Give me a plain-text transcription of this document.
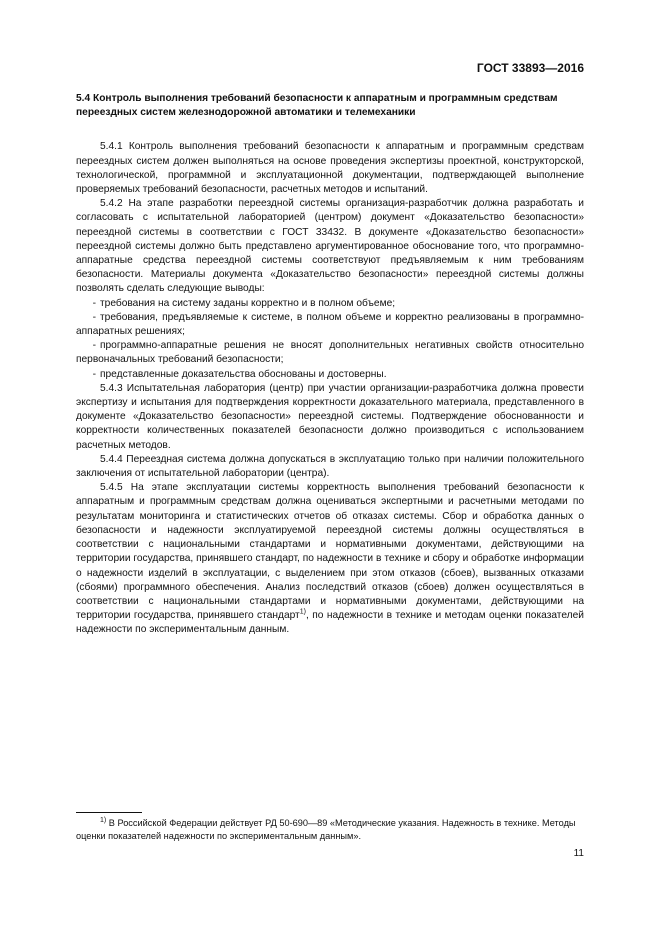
ГОСТ 33893—2016

5.4 Контроль выполнения требований безопасности к аппаратным и программным средствам переездных систем железнодорожной автоматики и телемеханики

5.4.1 Контроль выполнения требований безопасности к аппаратным и программным средствам переездных систем должен выполняться на основе проведения экспертизы проектной, конструкторской, технологической, программной и эксплуатационной документации, подтверждающей выполнение проверяемых требований безопасности, расчетных методов и испытаний.

5.4.2 На этапе разработки переездной системы организация-разработчик должна разработать и согласовать с испытательной лабораторией (центром) документ «Доказательство безопасности» переездной системы в соответствии с ГОСТ 33432. В документе «Доказательство безопасности» переездной системы должно быть представлено аргументированное обоснование того, что программно-аппаратные средства переездной системы соответствуют предъявляемым к ним требованиям безопасности. Материалы документа «Доказательство безопасности» переездной системы должны позволять сделать следующие выводы:

- требования на систему заданы корректно и в полном объеме;

- требования, предъявляемые к системе, в полном объеме и корректно реализованы в программно-аппаратных решениях;

- программно-аппаратные решения не вносят дополнительных негативных свойств относительно первоначальных требований безопасности;

- представленные доказательства обоснованы и достоверны.

5.4.3 Испытательная лаборатория (центр) при участии организации-разработчика должна провести экспертизу и испытания для подтверждения корректности доказательного материала, представленного в документе «Доказательство безопасности» переездной системы. Подтверждение обоснованности и корректности количественных показателей безопасности должно производиться с использованием расчетных методов.

5.4.4 Переездная система должна допускаться в эксплуатацию только при наличии положительного заключения от испытательной лаборатории (центра).

5.4.5 На этапе эксплуатации системы корректность выполнения требований безопасности к аппаратным и программным средствам должна оцениваться экспертными и расчетными методами по результатам мониторинга и статистических отчетов об отказах системы. Сбор и обработка данных о безопасности и надежности эксплуатируемой переездной системы должны осуществляться в соответствии с национальными стандартами и нормативными документами, действующими на территории государства, принявшего стандарт, по надежности в технике и сбору и обработке информации о надежности изделий в эксплуатации, с выделением при этом отказов (сбоев), вызванных отказами (сбоями) программного обеспечения. Анализ последствий отказов (сбоев) должен осуществляться в соответствии с национальными стандартами и нормативными документами, действующими на территории государства, принявшего стандарт$^{1)}$, по надежности в технике и методам оценки показателей надежности по экспериментальным данным.

$^{1)}$ В Российской Федерации действует РД 50-690—89 «Методические указания. Надежность в технике. Методы оценки показателей надежности по экспериментальным данным».

11
